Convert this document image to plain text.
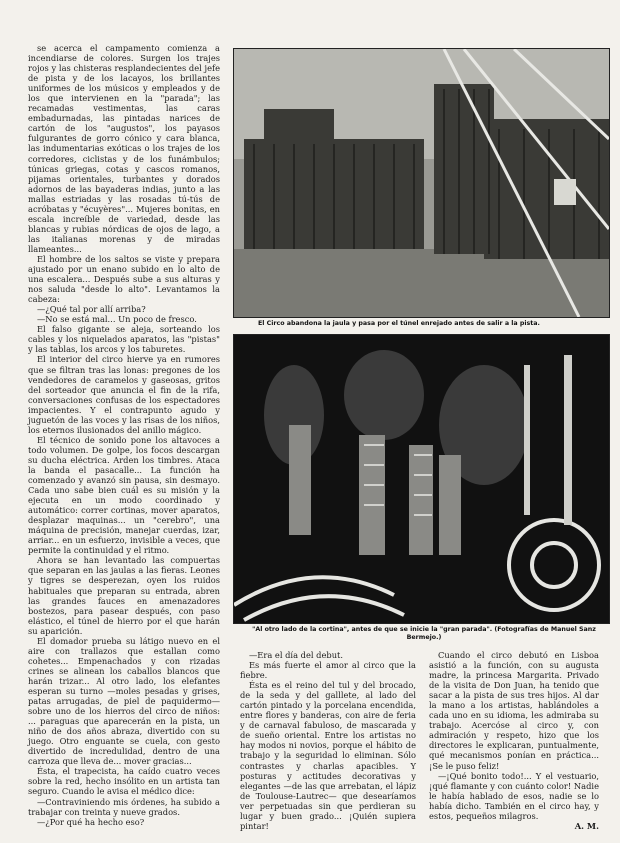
se acerca el campamento comienza a incendiarse de colores. Surgen los trajes rojos y las chisteras resplandecientes del jefe de pista y de los lacayos, los brillantes uniformes de los músicos y empleados y de los que intervienen en la "parada"; las recamadas vestimentas, las caras embadurnadas, las pintadas narices de cartón de los "augustos", los payasos fulgurantes de gorro cónico y cara blanca, las indumentarias exóticas o los trajes de los corredores, ciclistas y de los funámbulos; túnicas griegas, cotas y cascos romanos, pijamas orientales, turbantes y dorados adornos de las bayaderas indias, junto a las mallas estriadas y las rosadas tú-tús de acróbatas y "écuyères"... Mujeres bonitas, en escala increíble de variedad, desde las blancas y rubias nórdicas de ojos de lago, a las italianas morenas y de miradas llameantes...

El hombre de los saltos se viste y prepara ajustado por un enano subido en lo alto de una escalera... Después sube a sus alturas y nos saluda "desde lo alto". Levantamos la cabeza:

—¿Qué tal por allí arriba?

—No se está mal... Un poco de fresco.

El falso gigante se aleja, sorteando los cables y los niquelados aparatos, las "pistas" y las tablas, los arcos y los taburetes.

El interior del circo hierve ya en rumores que se filtran tras las lonas: pregones de los vendedores de caramelos y gaseosas, gritos del sorteador que anuncia el fin de la rifa, conversaciones confusas de los espectadores impacientes. Y el contrapunto agudo y juguetón de las voces y las risas de los niños, los eternos ilusionados del anillo mágico.

El técnico de sonido pone los altavoces a todo volumen. De golpe, los focos descargan su ducha eléctrica. Arden los timbres. Ataca la banda el pasacalle... La función ha comenzado y avanzó sin pausa, sin desmayo. Cada uno sabe bien cuál es su misión y la ejecuta en un modo coordinado y automático: correr cortinas, mover aparatos, desplazar maquinas... un "cerebro", una máquina de precisión, manejar cuerdas, izar, arriar... en un esfuerzo, invisible a veces, que permite la continuidad y el ritmo.

Ahora se han levantado las compuertas que separan en las jaulas a las fieras. Leones y tigres se desperezan, oyen los ruidos habituales que preparan su entrada, abren las grandes fauces en amenazadores bostezos, para pasear después, con paso elástico, el túnel de hierro por el que harán su aparición.

El domador prueba su látigo nuevo en el aire con trallazos que estallan como cohetes... Empenachados y con rizadas crines se alinean los caballos blancos que harán trizar... Al otro lado, los elefantes esperan su turno —moles pesadas y grises, patas arrugadas, de piel de paquidermo— sobre uno de los hierros del circo de niños: ... paraguas que aparecerán en la pista, un niño de dos años abraza, divertido con su juego. Otro enguante se cuela, con gesto divertido de incredulidad, dentro de una carroza que lleva de... mover gracias...

Ésta, el trapecista, ha caído cuatro veces sobre la red, hecho insólito en un artista tan seguro. Cuando le avisa el médico dice:

—Contraviniendo mis órdenes, ha subido a trabajar con treinta y nueve grados.

—¿Por qué ha hecho eso?

El Circo abandona la jaula y pasa por el túnel enrejado antes de salir a la pista.
"Al otro lado de la cortina", antes de que se inicie la "gran parada". (Fotografías de Manuel Sanz Bermejo.)

—Era el día del debut.

Es más fuerte el amor al circo que la fiebre.

Ésta es el reino del tul y del brocado, de la seda y del galllete, al lado del cartón pintado y la porcelana encendida, entre flores y banderas, con aire de feria y de carnaval fabuloso, de mascarada y de sueño oriental. Entre los artistas no hay modos ni novios, porque el hábito de trabajo y la seguridad lo eliminan. Sólo contrastes y charlas apacibles. Y posturas y actitudes decorativas y elegantes —de las que arrebatan, el lápiz de Toulouse-Lautrec— que desearíamos ver perpetuadas sin que perdieran su lugar y buen grado... ¡Quién supiera pintar!

Cuando el circo debutó en Lisboa asistió a la función, con su augusta madre, la princesa Margarita. Privado de la visita de Don Juan, ha tenido que sacar a la pista de sus tres hijos. Al dar la mano a los artistas, hablándoles a cada uno en su idioma, les admiraba su trabajo. Acercóse al circo y, con admiración y respeto, hizo que los directores le explicaran, puntualmente, qué mecanismos ponían en práctica... ¡Se le puso feliz!

—¡Qué bonito todo!... Y el vestuario, ¡qué flamante y con cuánto color! Nadie le había hablado de esos, nadie se lo había dicho. También en el circo hay, y estos, pequeños milagros.

A. M.
